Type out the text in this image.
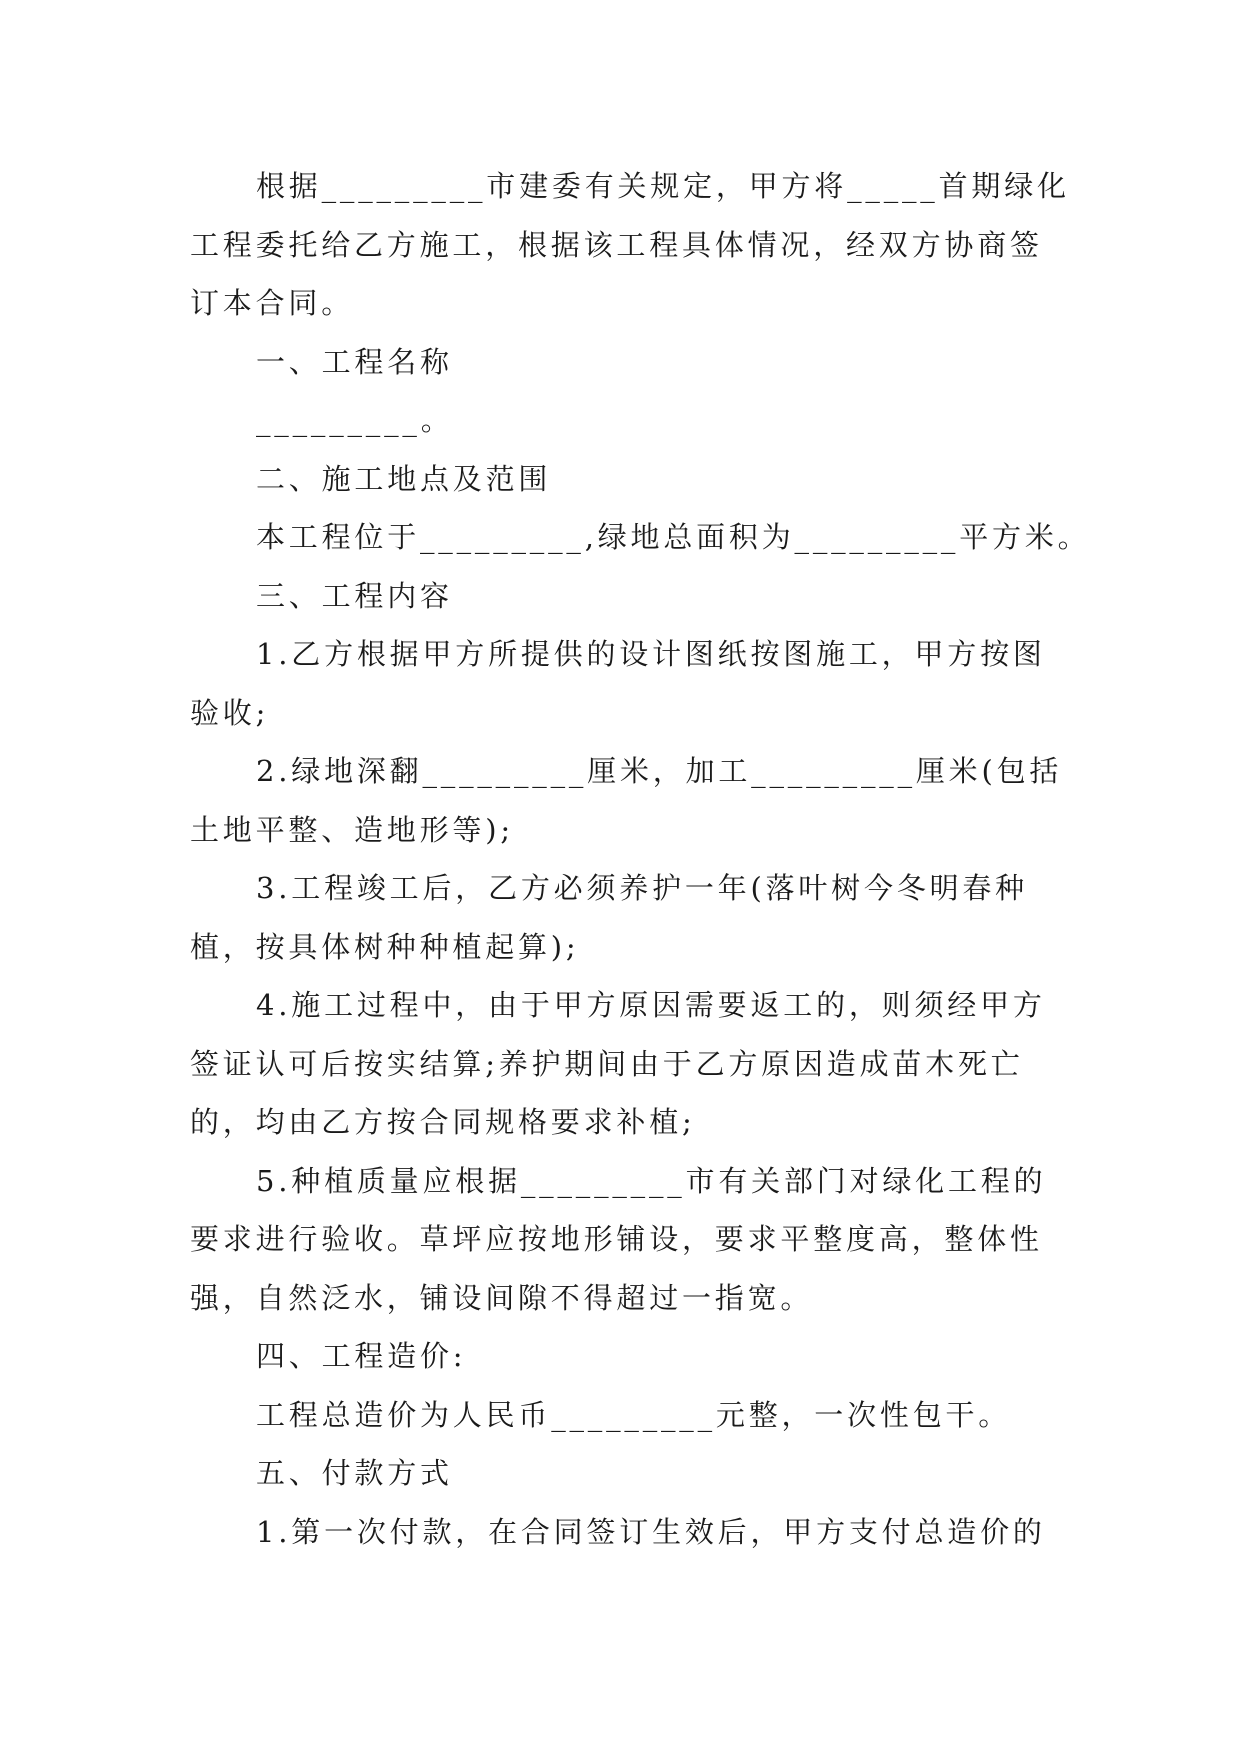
根据_________市建委有关规定，甲方将_____首期绿化
工程委托给乙方施工，根据该工程具体情况，经双方协商签
订本合同。
一、工程名称
_________。
二、施工地点及范围
本工程位于_________,绿地总面积为_________平方米。
三、工程内容
1.乙方根据甲方所提供的设计图纸按图施工，甲方按图
验收;
2.绿地深翻_________厘米，加工_________厘米(包括
土地平整、造地形等);
3.工程竣工后，乙方必须养护一年(落叶树今冬明春种
植，按具体树种种植起算);
4.施工过程中，由于甲方原因需要返工的，则须经甲方
签证认可后按实结算;养护期间由于乙方原因造成苗木死亡
的，均由乙方按合同规格要求补植;
5.种植质量应根据_________市有关部门对绿化工程的
要求进行验收。草坪应按地形铺设，要求平整度高，整体性
强，自然泛水，铺设间隙不得超过一指宽。
四、工程造价:
工程总造价为人民币_________元整，一次性包干。
五、付款方式
1.第一次付款，在合同签订生效后，甲方支付总造价的
